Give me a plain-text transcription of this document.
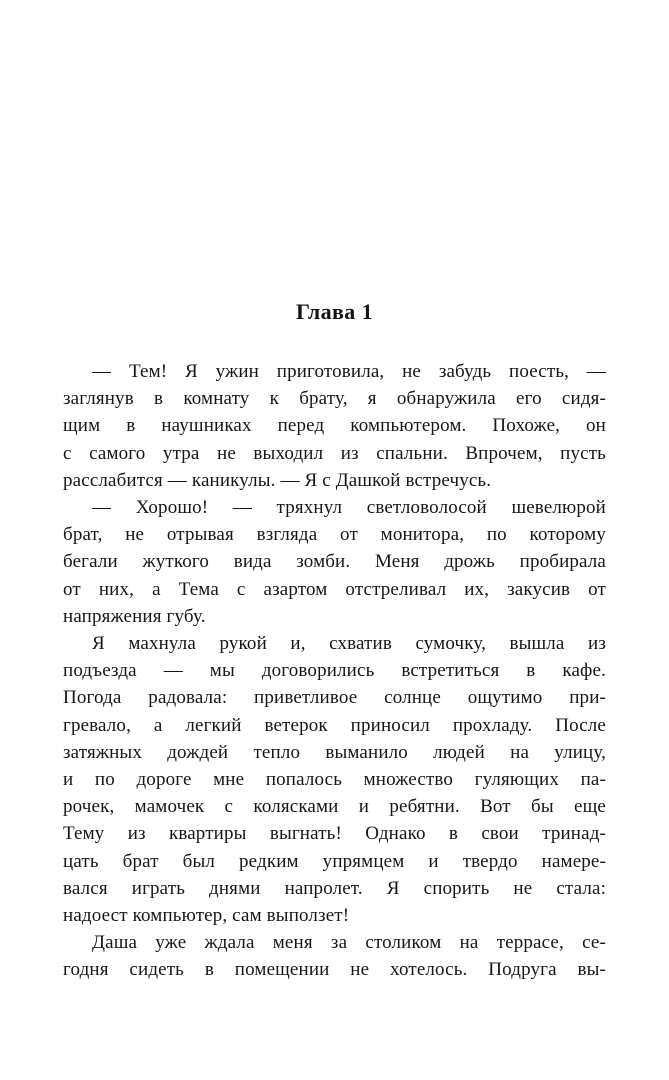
Глава 1
— Тем! Я ужин приготовила, не забудь поесть, —
заглянув в комнату к брату, я обнаружила его сидя-
щим в наушниках перед компьютером. Похоже, он
с самого утра не выходил из спальни. Впрочем, пусть
расслабится — каникулы. — Я с Дашкой встречусь.
— Хорошо! — тряхнул светловолосой шевелюрой
брат, не отрывая взгляда от монитора, по которому
бегали жуткого вида зомби. Меня дрожь пробирала
от них, а Тема с азартом отстреливал их, закусив от
напряжения губу.
Я махнула рукой и, схватив сумочку, вышла из
подъезда — мы договорились встретиться в кафе.
Погода радовала: приветливое солнце ощутимо при-
гревало, а легкий ветерок приносил прохладу. После
затяжных дождей тепло выманило людей на улицу,
и по дороге мне попалось множество гуляющих па-
рочек, мамочек с колясками и ребятни. Вот бы еще
Тему из квартиры выгнать! Однако в свои тринад-
цать брат был редким упрямцем и твердо намере-
вался играть днями напролет. Я спорить не стала:
надоест компьютер, сам выползет!
Даша уже ждала меня за столиком на террасе, се-
годня сидеть в помещении не хотелось. Подруга вы-
